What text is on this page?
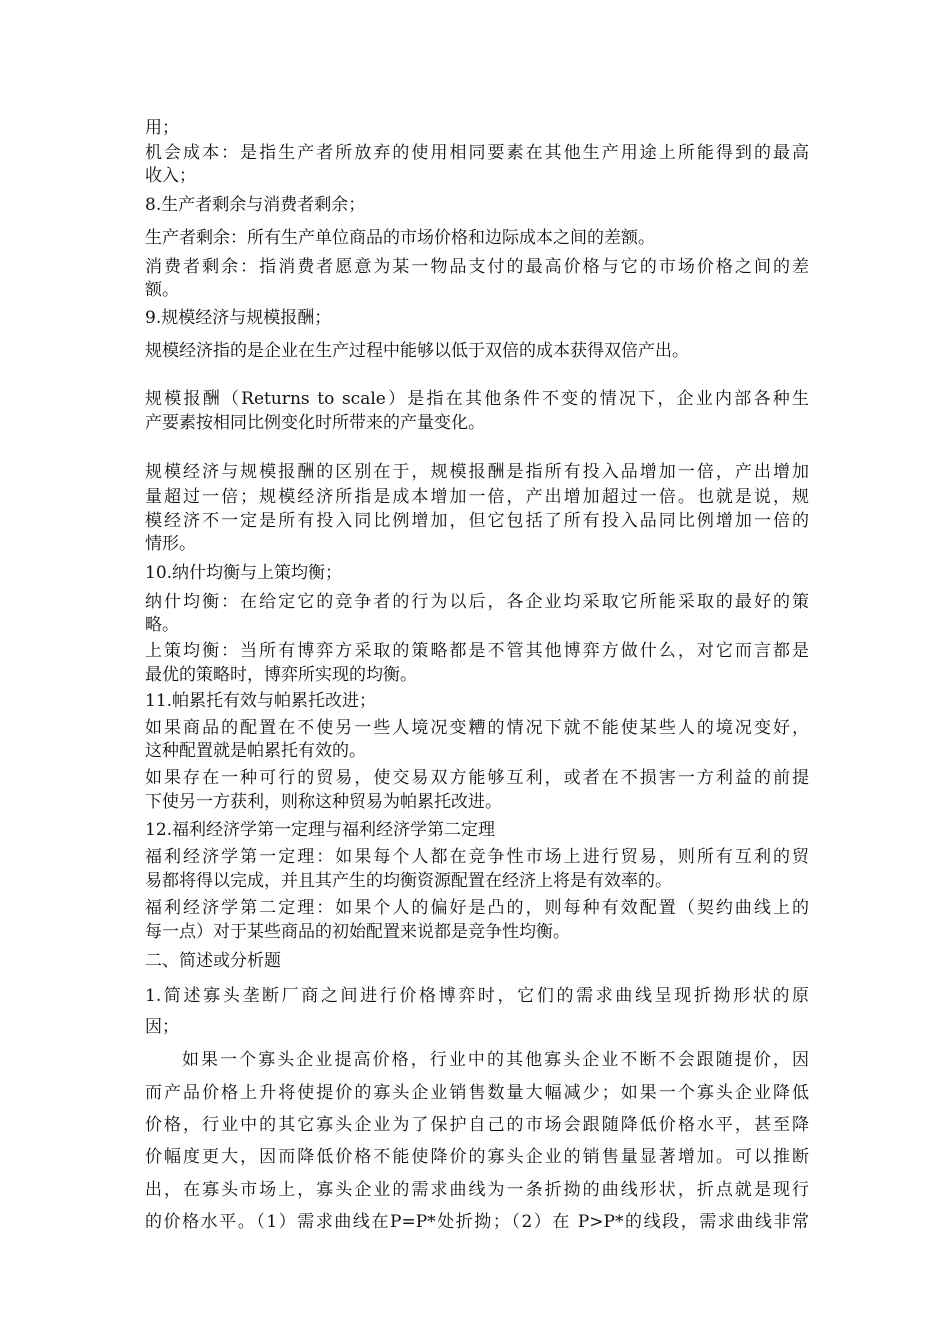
用；
机会成本：是指生产者所放弃的使用相同要素在其他生产用途上所能得到的最高
收入；
8.生产者剩余与消费者剩余；
生产者剩余：所有生产单位商品的市场价格和边际成本之间的差额。
消费者剩余：指消费者愿意为某一物品支付的最高价格与它的市场价格之间的差
额。
9.规模经济与规模报酬；
规模经济指的是企业在生产过程中能够以低于双倍的成本获得双倍产出。
规模报酬（Returns to scale）是指在其他条件不变的情况下，企业内部各种生
产要素按相同比例变化时所带来的产量变化。
规模经济与规模报酬的区别在于，规模报酬是指所有投入品增加一倍，产出增加
量超过一倍；规模经济所指是成本增加一倍，产出增加超过一倍。也就是说，规
模经济不一定是所有投入同比例增加，但它包括了所有投入品同比例增加一倍的
情形。
10.纳什均衡与上策均衡；
纳什均衡：在给定它的竞争者的行为以后，各企业均采取它所能采取的最好的策
略。
上策均衡：当所有博弈方采取的策略都是不管其他博弈方做什么，对它而言都是
最优的策略时，博弈所实现的均衡。
11.帕累托有效与帕累托改进；
如果商品的配置在不使另一些人境况变糟的情况下就不能使某些人的境况变好，
这种配置就是帕累托有效的。
如果存在一种可行的贸易，使交易双方能够互利，或者在不损害一方利益的前提
下使另一方获利，则称这种贸易为帕累托改进。
12.福利经济学第一定理与福利经济学第二定理
福利经济学第一定理：如果每个人都在竞争性市场上进行贸易，则所有互利的贸
易都将得以完成，并且其产生的均衡资源配置在经济上将是有效率的。
福利经济学第二定理：如果个人的偏好是凸的，则每种有效配置（契约曲线上的
每一点）对于某些商品的初始配置来说都是竞争性均衡。
二、简述或分析题
1.简述寡头垄断厂商之间进行价格博弈时，它们的需求曲线呈现折拗形状的原
因；
如果一个寡头企业提高价格，行业中的其他寡头企业不断不会跟随提价，因
而产品价格上升将使提价的寡头企业销售数量大幅减少；如果一个寡头企业降低
价格，行业中的其它寡头企业为了保护自己的市场会跟随降低价格水平，甚至降
价幅度更大，因而降低价格不能使降价的寡头企业的销售量显著增加。可以推断
出，在寡头市场上，寡头企业的需求曲线为一条折拗的曲线形状，折点就是现行
的价格水平。（1）需求曲线在P=P*处折拗；（2）在 P>P*的线段，需求曲线非常
